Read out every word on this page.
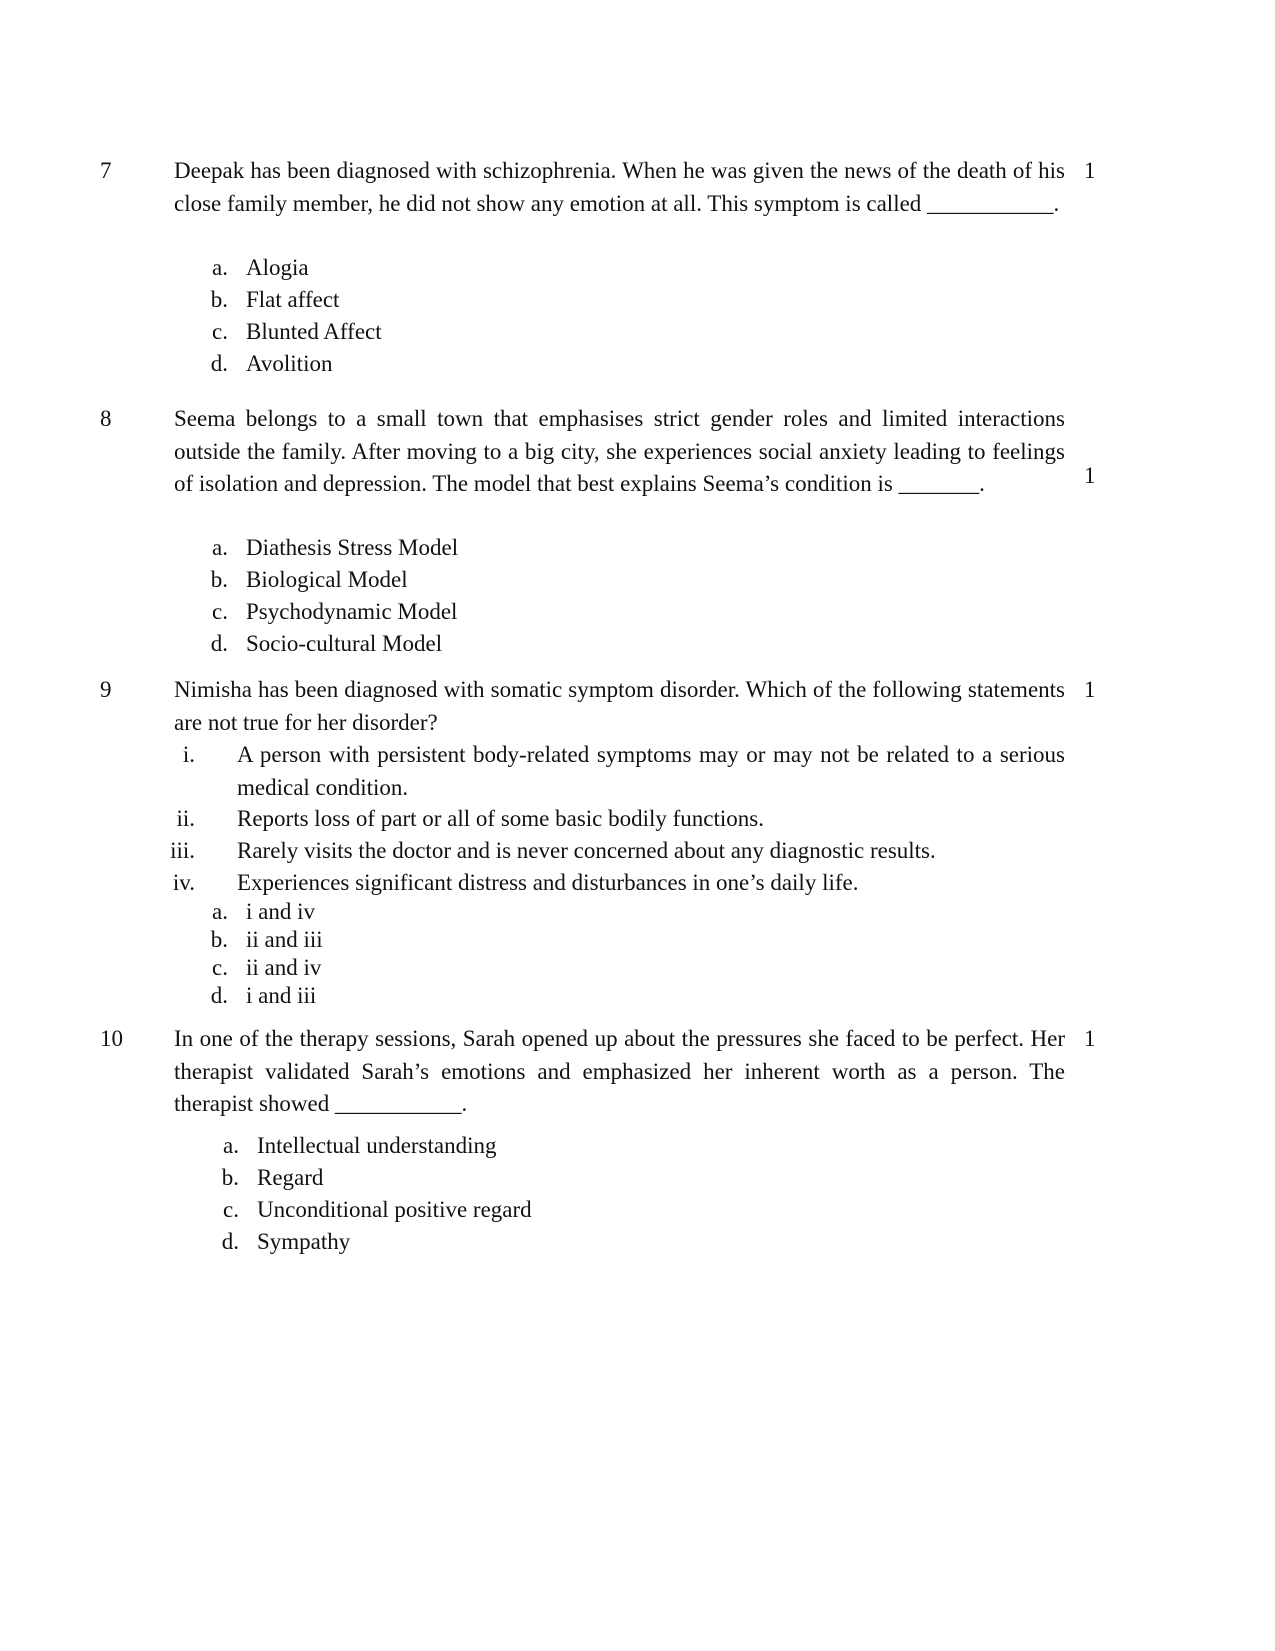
7	Deepak has been diagnosed with schizophrenia. When he was given the news of the death of his close family member, he did not show any emotion at all. This symptom is called ___________.

1
a. Alogia
b. Flat affect
c. Blunted Affect
d. Avolition
8	Seema belongs to a small town that emphasises strict gender roles and limited interactions outside the family. After moving to a big city, she experiences social anxiety leading to feelings of isolation and depression. The model that best explains Seema’s condition is _______.	1
a. Diathesis Stress Model
b. Biological Model
c. Psychodynamic Model
d. Socio-cultural Model
9	Nimisha has been diagnosed with somatic symptom disorder. Which of the following statements are not true for her disorder?

1
i. A person with persistent body-related symptoms may or may not be related to a serious medical condition.
ii. Reports loss of part or all of some basic bodily functions.
iii. Rarely visits the doctor and is never concerned about any diagnostic results.
iv. Experiences significant distress and disturbances in one’s daily life.
a. i and iv
b. ii and iii
c. ii and iv
d. i and iii
10 In one of the therapy sessions, Sarah opened up about the pressures she faced to be perfect. Her therapist validated Sarah’s emotions and emphasized her inherent worth as a person. The therapist showed ___________.

1
a. Intellectual understanding
b. Regard
c. Unconditional positive regard
d. Sympathy
